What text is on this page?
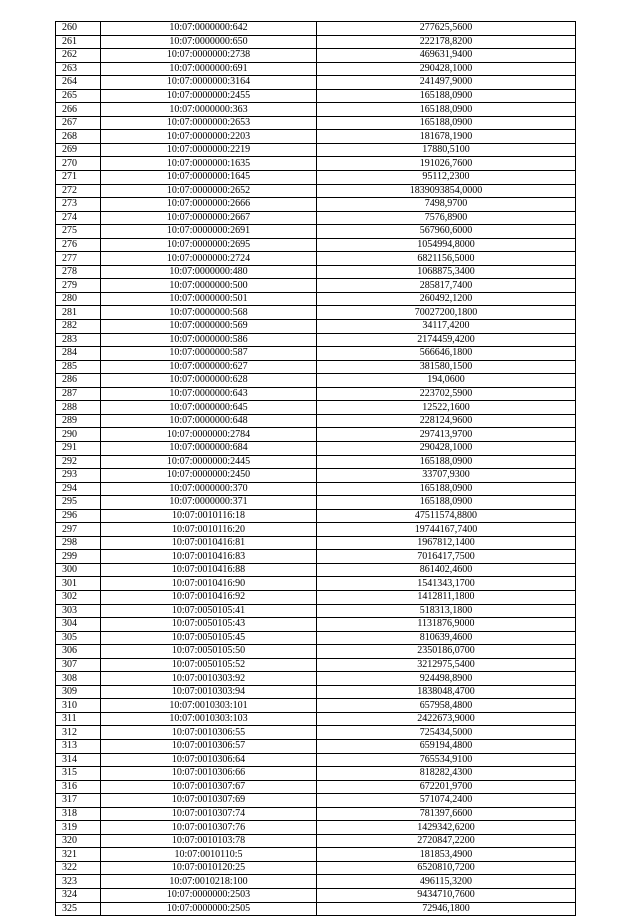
260	10:07:0000000:642	277625,5600
261	10:07:0000000:650	222178,8200
262	10:07:0000000:2738	469631,9400
263	10:07:0000000:691	290428,1000
264	10:07:0000000:3164	241497,9000
265	10:07:0000000:2455	165188,0900
266	10:07:0000000:363	165188,0900
267	10:07:0000000:2653	165188,0900
268	10:07:0000000:2203	181678,1900
269	10:07:0000000:2219	17880,5100
270	10:07:0000000:1635	191026,7600
271	10:07:0000000:1645	95112,2300
272	10:07:0000000:2652	1839093854,0000
273	10:07:0000000:2666	7498,9700
274	10:07:0000000:2667	7576,8900
275	10:07:0000000:2691	567960,6000
276	10:07:0000000:2695	1054994,8000
277	10:07:0000000:2724	6821156,5000
278	10:07:0000000:480	1068875,3400
279	10:07:0000000:500	285817,7400
280	10:07:0000000:501	260492,1200
281	10:07:0000000:568	70027200,1800
282	10:07:0000000:569	34117,4200
283	10:07:0000000:586	2174459,4200
284	10:07:0000000:587	566646,1800
285	10:07:0000000:627	381580,1500
286	10:07:0000000:628	194,0600
287	10:07:0000000:643	223702,5900
288	10:07:0000000:645	12522,1600
289	10:07:0000000:648	228124,9600
290	10:07:0000000:2784	297413,9700
291	10:07:0000000:684	290428,1000
292	10:07:0000000:2445	165188,0900
293	10:07:0000000:2450	33707,9300
294	10:07:0000000:370	165188,0900
295	10:07:0000000:371	165188,0900
296	10:07:0010116:18	47511574,8800
297	10:07:0010116:20	19744167,7400
298	10:07:0010416:81	1967812,1400
299	10:07:0010416:83	7016417,7500
300	10:07:0010416:88	861402,4600
301	10:07:0010416:90	1541343,1700
302	10:07:0010416:92	1412811,1800
303	10:07:0050105:41	518313,1800
304	10:07:0050105:43	1131876,9000
305	10:07:0050105:45	810639,4600
306	10:07:0050105:50	2350186,0700
307	10:07:0050105:52	3212975,5400
308	10:07:0010303:92	924498,8900
309	10:07:0010303:94	1838048,4700
310	10:07:0010303:101	657958,4800
311	10:07:0010303:103	2422673,9000
312	10:07:0010306:55	725434,5000
313	10:07:0010306:57	659194,4800
314	10:07:0010306:64	765534,9100
315	10:07:0010306:66	818282,4300
316	10:07:0010307:67	672201,9700
317	10:07:0010307:69	571074,2400
318	10:07:0010307:74	781397,6600
319	10:07:0010307:76	1429342,6200
320	10:07:0010103:78	2720847,2200
321	10:07:0010110:5	181853,4900
322	10:07:0010120:25	6520810,7200
323	10:07:0010218:100	496115,3200
324	10:07:0000000:2503	9434710,7600
325	10:07:0000000:2505	72946,1800
